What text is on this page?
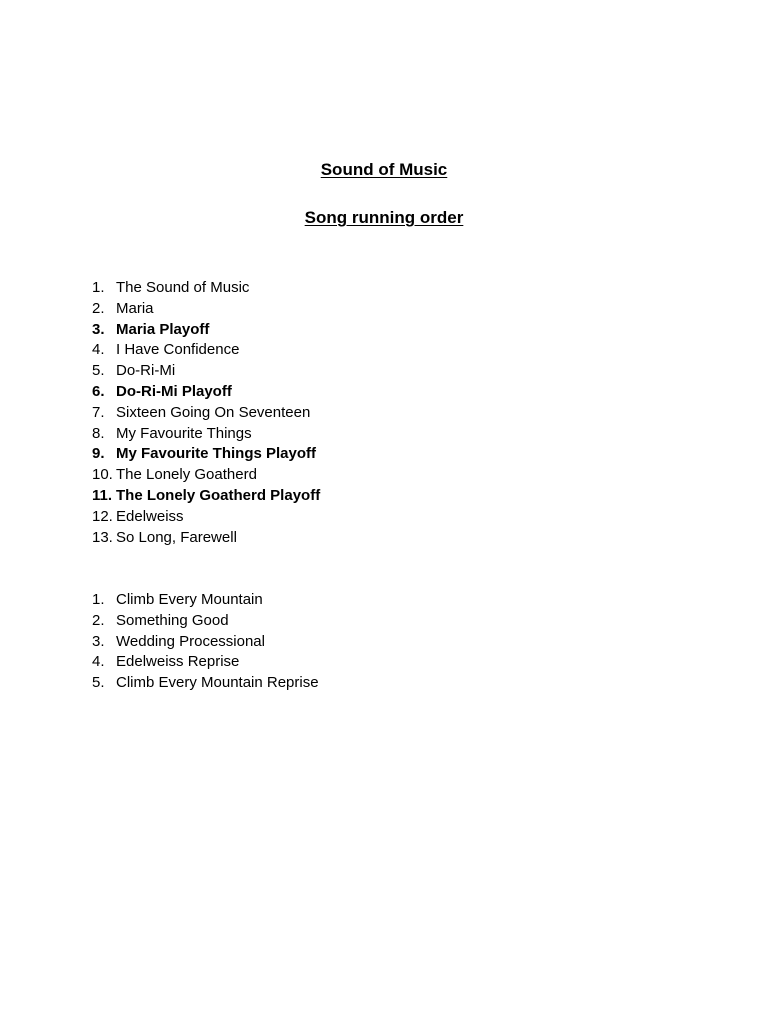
Sound of Music
Song running order
1. The Sound of Music
2. Maria
3. Maria Playoff
4. I Have Confidence
5. Do-Ri-Mi
6. Do-Ri-Mi Playoff
7. Sixteen Going On Seventeen
8. My Favourite Things
9. My Favourite Things Playoff
10. The Lonely Goatherd
11. The Lonely Goatherd Playoff
12. Edelweiss
13. So Long, Farewell
1. Climb Every Mountain
2. Something Good
3. Wedding Processional
4. Edelweiss Reprise
5. Climb Every Mountain Reprise
